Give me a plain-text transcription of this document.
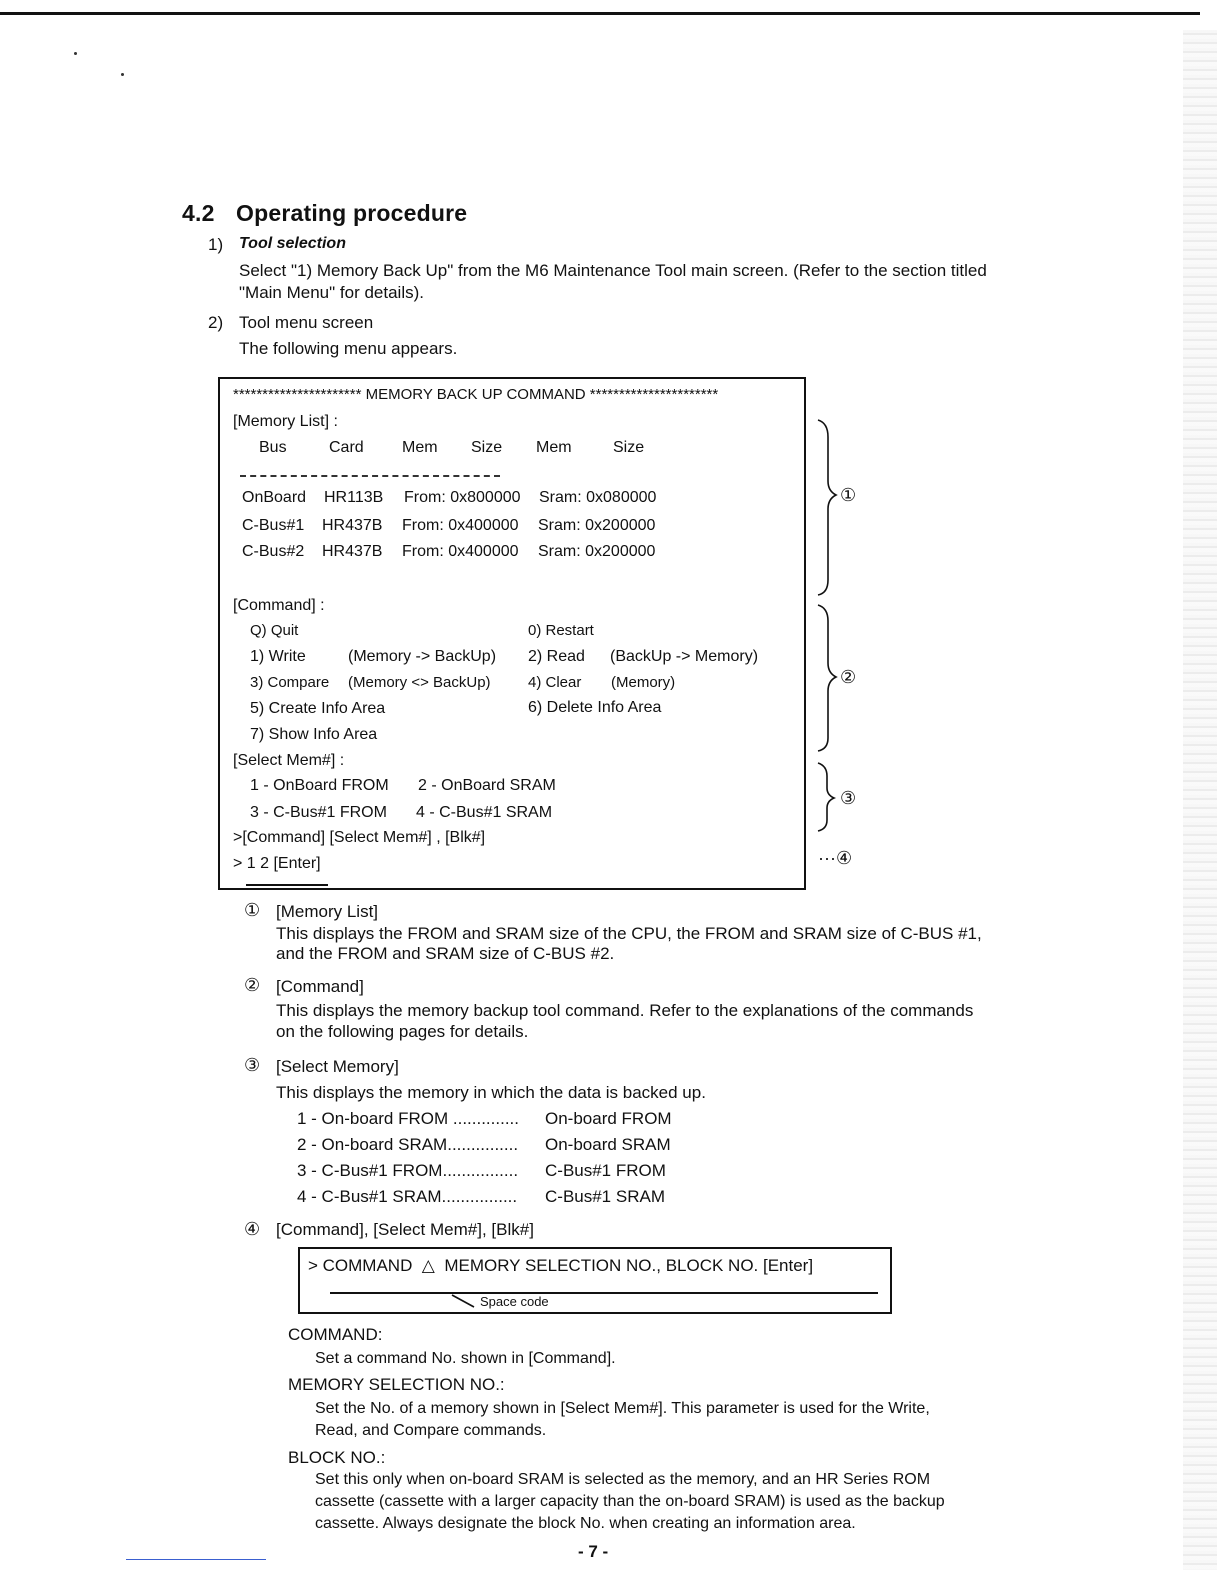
4.2 Operating procedure
1) Tool selection
Select "1) Memory Back Up" from the M6 Maintenance Tool main screen. (Refer to the section titled
"Main Menu" for details).
2) Tool menu screen
The following menu appears.
********************** MEMORY BACK UP COMMAND **********************
[Memory List] :
Bus	Card Mem Size Mem	Size
OnBoard HR113B From: 0x800000 Sram: 0x080000
C-Bus#1 HR437B From: 0x400000 Sram: 0x200000
C-Bus#2 HR437B From: 0x400000 Sram: 0x200000
[Command] :
Q) Quit	0) Restart
1) Write	(Memory -> BackUp) 2) Read (BackUp -> Memory)
3) Compare (Memory <> BackUp) 4) Clear (Memory)
5) Create Info Area	6) Delete Info Area
7) Show Info Area
[Select Mem#] :
1 - OnBoard FROM 2 - OnBoard SRAM
3 - C-Bus#1 FROM 4 - C-Bus#1 SRAM
>[Command] [Select Mem#] , [Blk#]
> 1 2 [Enter]
①
②
③
···④
① [Memory List]
This displays the FROM and SRAM size of the CPU, the FROM and SRAM size of C-BUS #1,
and the FROM and SRAM size of C-BUS #2.
② [Command]
This displays the memory backup tool command. Refer to the explanations of the commands
on the following pages for details.
③ [Select Memory]
This displays the memory in which the data is backed up.
1 - On-board FROM .............. On-board FROM
2 - On-board SRAM............... On-board SRAM
3 - C-Bus#1 FROM................ C-Bus#1 FROM
4 - C-Bus#1 SRAM................ C-Bus#1 SRAM
④ [Command], [Select Mem#], [Blk#]
> COMMAND  △  MEMORY SELECTION NO., BLOCK NO. [Enter]
Space code
COMMAND:
Set a command No. shown in [Command].
MEMORY SELECTION NO.:
Set the No. of a memory shown in [Select Mem#]. This parameter is used for the Write,
Read, and Compare commands.
BLOCK NO.:
Set this only when on-board SRAM is selected as the memory, and an HR Series ROM
cassette (cassette with a larger capacity than the on-board SRAM) is used as the backup
cassette. Always designate the block No. when creating an information area.
- 7 -
